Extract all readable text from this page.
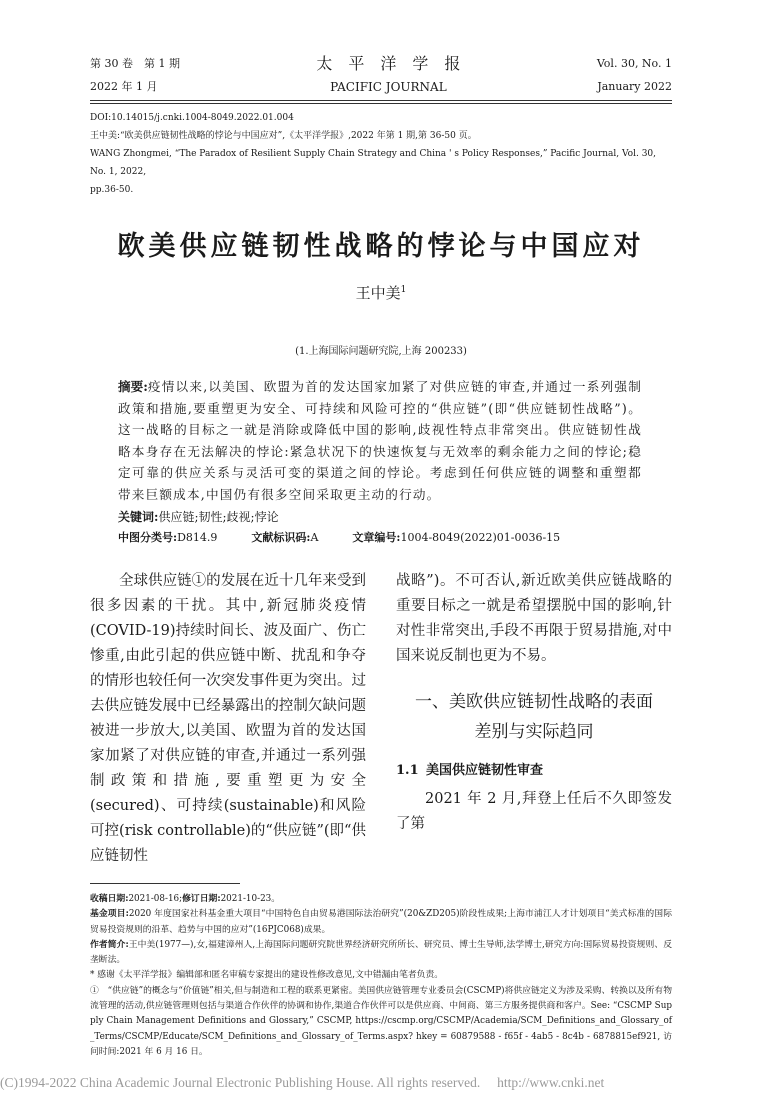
第 30 卷　第 1 期
2022 年 1 月
太　平　洋　学　报
PACIFIC JOURNAL
Vol. 30, No. 1
January 2022
DOI:10.14015/j.cnki.1004-8049.2022.01.004
王中美:“欧美供应链韧性战略的悖论与中国应对”,《太平洋学报》,2022 年第 1 期,第 36-50 页。
WANG Zhongmei, “The Paradox of Resilient Supply Chain Strategy and China ' s Policy Responses,” Pacific Journal, Vol. 30, No. 1, 2022,
pp.36-50.
欧美供应链韧性战略的悖论与中国应对
王中美$^1$
(1.上海国际问题研究院,上海 200233)
摘要:疫情以来,以美国、欧盟为首的发达国家加紧了对供应链的审查,并通过一系列强制政策和措施,要重塑更为安全、可持续和风险可控的“供应链”(即“供应链韧性战略”)。这一战略的目标之一就是消除或降低中国的影响,歧视性特点非常突出。供应链韧性战略本身存在无法解决的悖论:紧急状况下的快速恢复与无效率的剩余能力之间的悖论;稳定可靠的供应关系与灵活可变的渠道之间的悖论。考虑到任何供应链的调整和重塑都带来巨额成本,中国仍有很多空间采取更主动的行动。
关键词:供应链;韧性;歧视;悖论
中图分类号:D814.9	文献标识码:A	文章编号:1004-8049(2022)01-0036-15

全球供应链①的发展在近十几年来受到很多因素的干扰。其中,新冠肺炎疫情(COVID-19)持续时间长、波及面广、伤亡惨重,由此引起的供应链中断、扰乱和争夺的情形也较任何一次突发事件更为突出。过去供应链发展中已经暴露出的控制欠缺问题被进一步放大,以美国、欧盟为首的发达国家加紧了对供应链的审查,并通过一系列强制政策和措施,要重塑更为安全(secured)、可持续(sustainable)和风险可控(risk controllable)的“供应链”(即“供应链韧性

战略”)。不可否认,新近欧美供应链战略的重要目标之一就是希望摆脱中国的影响,针对性非常突出,手段不再限于贸易措施,对中国来说反制也更为不易。

一、美欧供应链韧性战略的表面
差别与实际趋同
1.1 美国供应链韧性审查

2021 年 2 月,拜登上任后不久即签发了第

收稿日期:2021-08-16;修订日期:2021-10-23。

基金项目:2020 年度国家社科基金重大项目“中国特色自由贸易港国际法治研究”(20&ZD205)阶段性成果;上海市浦江人才计划项目“美式标准的国际贸易投资规则的沿革、趋势与中国的应对”(16PJC068)成果。

作者简介:王中美(1977—),女,福建漳州人,上海国际问题研究院世界经济研究所所长、研究员、博士生导师,法学博士,研究方向:国际贸易投资规则、反垄断法。

* 感谢《太平洋学报》编辑部和匿名审稿专家提出的建设性修改意见,文中错漏由笔者负责。

①　“供应链”的概念与“价值链”相关,但与制造和工程的联系更紧密。美国供应链管理专业委员会(CSCMP)将供应链定义为涉及采购、转换以及所有物流管理的活动,供应链管理则包括与渠道合作伙伴的协调和协作,渠道合作伙伴可以是供应商、中间商、第三方服务提供商和客户。See: “CSCMP Supply Chain Management Definitions and Glossary,” CSCMP, https://cscmp.org/CSCMP/Academia/SCM_Definitions_and_Glossary_of_Terms/CSCMP/Educate/SCM_Definitions_and_Glossary_of_Terms.aspx? hkey = 60879588 - f65f - 4ab5 - 8c4b - 6878815ef921, 访问时间:2021 年 6 月 16 日。

(C)1994-2022 China Academic Journal Electronic Publishing House. All rights reserved.　 http://www.cnki.net
